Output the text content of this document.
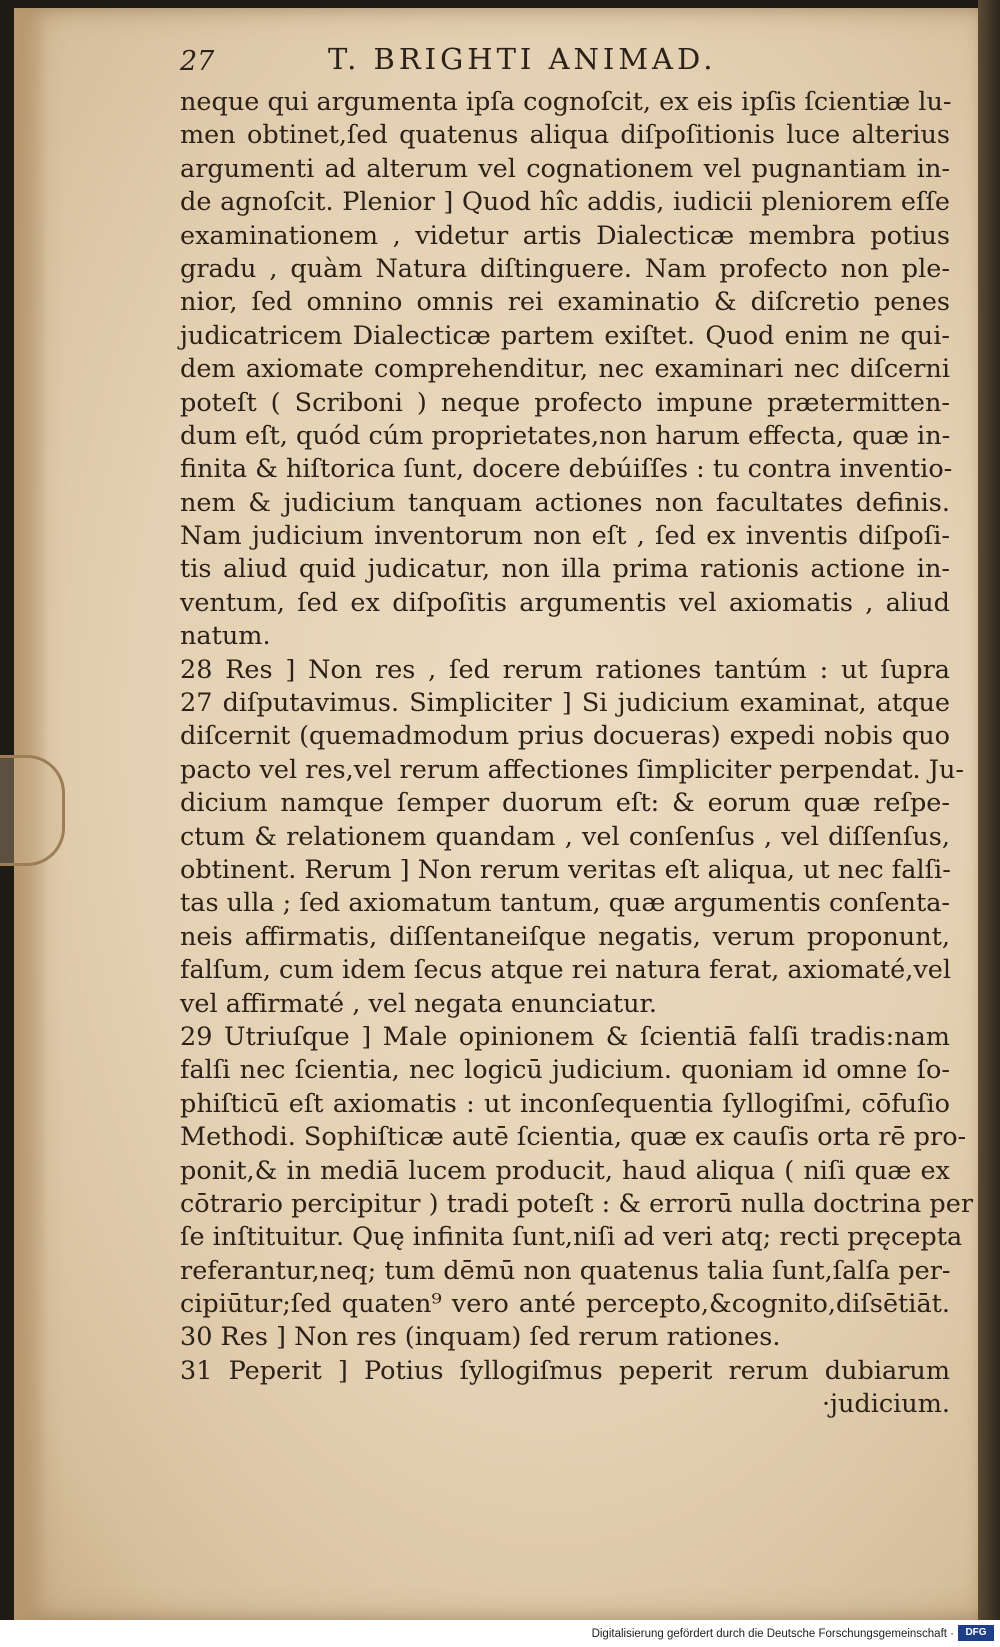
27	T. BRIGHTI ANIMAD.
neque qui argumenta ipſa cognoſcit, ex eis ipſis ſcientiæ lu-
men obtinet,ſed quatenus aliqua diſpoſitionis luce alterius
argumenti ad alterum vel cognationem vel pugnantiam in-
de agnoſcit. Plenior ] Quod hîc addis, iudicii pleniorem eſſe
examinationem , videtur artis Dialecticæ membra potius
gradu , quàm Natura diſtinguere. Nam profecto non ple-
nior, ſed omnino omnis rei examinatio & diſcretio penes
judicatricem Dialecticæ partem exiſtet. Quod enim ne qui-
dem axiomate comprehenditur, nec examinari nec diſcerni
poteſt ( Scriboni ) neque profecto impune prætermitten-
dum eſt, quód cúm proprietates,non harum effecta, quæ in-
finita & hiſtorica ſunt, docere debúiſſes : tu contra inventio-
nem & judicium tanquam actiones non facultates definis.
Nam judicium inventorum non eſt , ſed ex inventis diſpoſi-
tis aliud quid judicatur, non illa prima rationis actione in-
ventum, ſed ex diſpoſitis argumentis vel axiomatis , aliud
natum.
28 Res ] Non res , ſed rerum rationes tantúm : ut ſupra
27 diſputavimus. Simpliciter ] Si judicium examinat, atque
diſcernit (quemadmodum prius docueras) expedi nobis quo
pacto vel res,vel rerum affectiones ſimpliciter perpendat. Ju-
dicium namque ſemper duorum eſt: & eorum quæ reſpe-
ctum & relationem quandam , vel conſenſus , vel diſſenſus,
obtinent. Rerum ] Non rerum veritas eſt aliqua, ut nec falſi-
tas ulla ; ſed axiomatum tantum, quæ argumentis conſenta-
neis affirmatis, diſſentaneiſque negatis, verum proponunt,
falſum, cum idem ſecus atque rei natura ferat, axiomaté,vel
vel affirmaté , vel negata enunciatur.
29 Utriuſque ] Male opinionem & ſcientiā falſi tradis:nam
falſi nec ſcientia, nec logicū judicium. quoniam id omne ſo-
phiſticū eſt axiomatis : ut inconſequentia ſyllogiſmi, cōfuſio
Methodi. Sophiſticæ autē ſcientia, quæ ex cauſis orta rē pro-
ponit,& in mediā lucem producit, haud aliqua ( niſi quæ ex
cōtrario percipitur ) tradi poteſt : & errorū nulla doctrina per
ſe inſtituitur. Quę infinita ſunt,niſi ad veri atq; recti pręcepta
referantur,neq; tum dēmū non quatenus talia ſunt,ſalſa per-
cipiūtur;ſed quaten⁹ vero anté percepto,&cognito,diſsētiāt.
30 Res ] Non res (inquam) ſed rerum rationes.
31 Peperit ] Potius ſyllogiſmus peperit rerum dubiarum
·judicium.
Digitalisierung gefördert durch die Deutsche Forschungsgemeinschaft ·	DFG
